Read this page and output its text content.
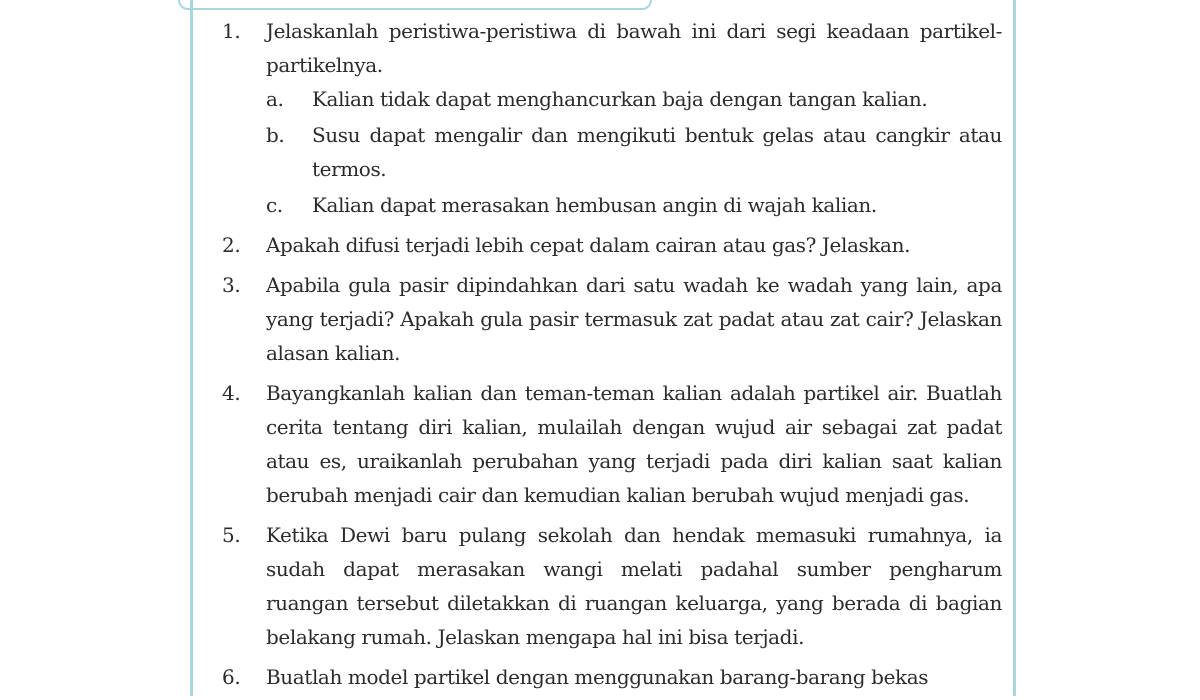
1. Jelaskanlah peristiwa-peristiwa di bawah ini dari segi keadaan partikel-partikelnya.
a. Kalian tidak dapat menghancurkan baja dengan tangan kalian.
b. Susu dapat mengalir dan mengikuti bentuk gelas atau cangkir atau termos.
c. Kalian dapat merasakan hembusan angin di wajah kalian.
2. Apakah difusi terjadi lebih cepat dalam cairan atau gas? Jelaskan.
3. Apabila gula pasir dipindahkan dari satu wadah ke wadah yang lain, apa yang terjadi? Apakah gula pasir termasuk zat padat atau zat cair? Jelaskan alasan kalian.
4. Bayangkanlah kalian dan teman-teman kalian adalah partikel air. Buatlah cerita tentang diri kalian, mulailah dengan wujud air sebagai zat padat atau es, uraikanlah perubahan yang terjadi pada diri kalian saat kalian berubah menjadi cair dan kemudian kalian berubah wujud menjadi gas.
5. Ketika Dewi baru pulang sekolah dan hendak memasuki rumahnya, ia sudah dapat merasakan wangi melati padahal sumber pengharum ruangan tersebut diletakkan di ruangan keluarga, yang berada di bagian belakang rumah. Jelaskan mengapa hal ini bisa terjadi.
6. Buatlah model partikel dengan menggunakan barang-barang bekas
